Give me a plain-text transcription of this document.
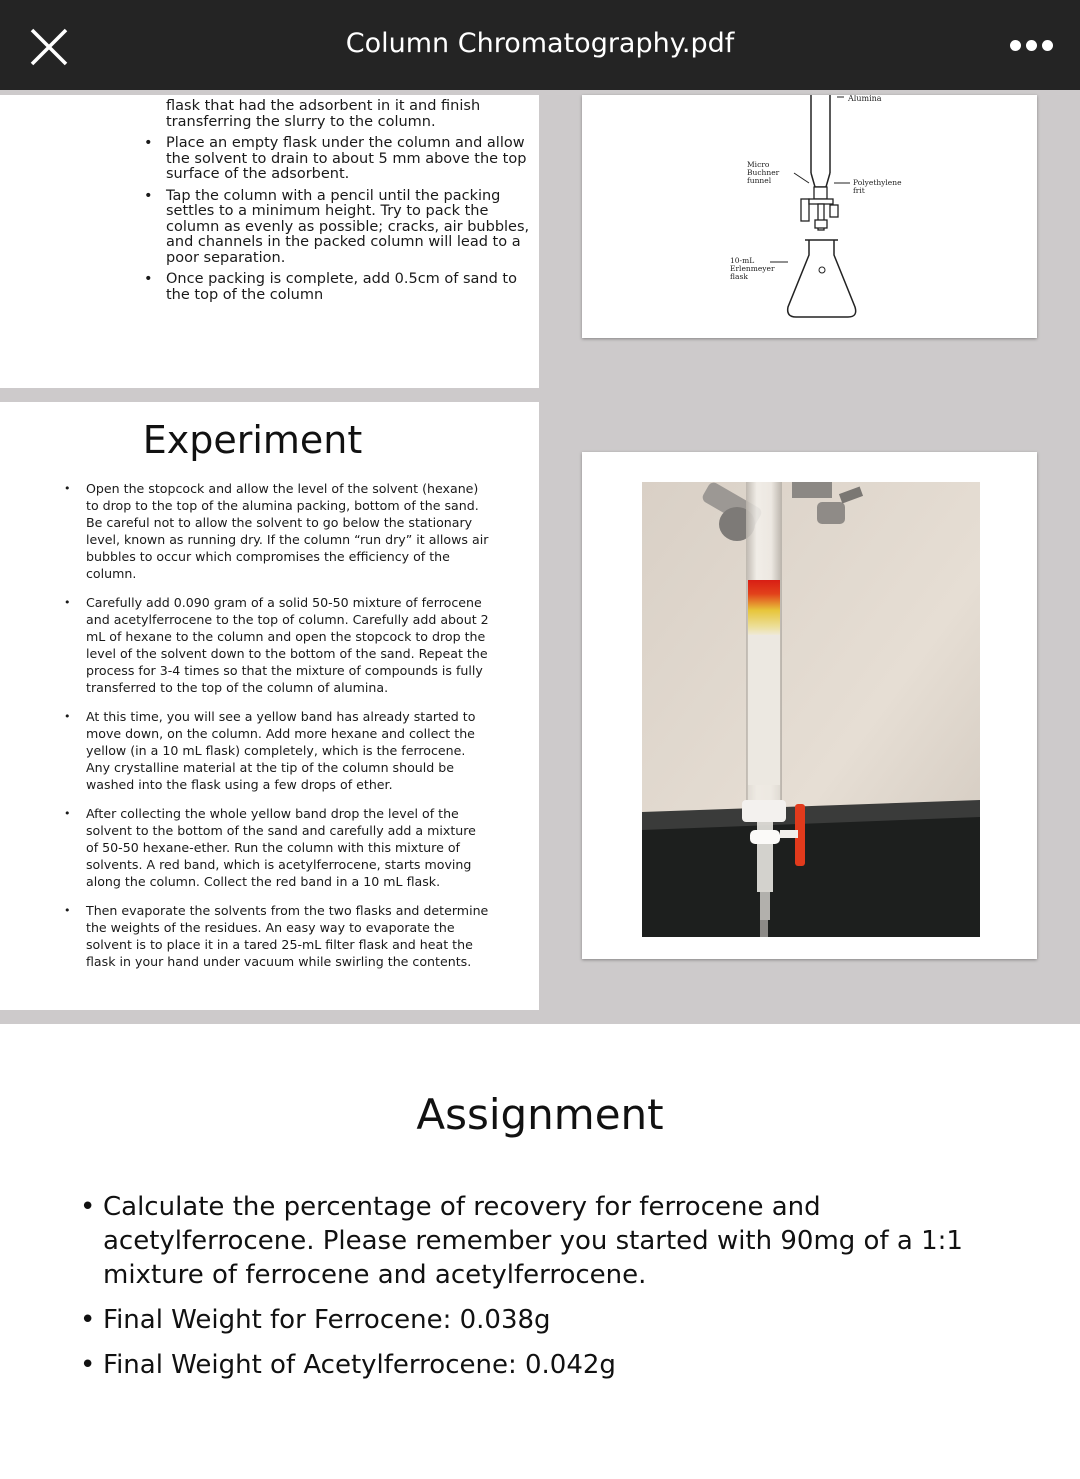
Column Chromatography.pdf
flask that had the adsorbent in it and finish transferring the slurry to the column.
• Place an empty flask under the column and allow the solvent to drain to about 5 mm above the top surface of the adsorbent.
• Tap the column with a pencil until the packing settles to a minimum height. Try to pack the column as evenly as possible; cracks, air bubbles, and channels in the packed column will lead to a poor separation.
• Once packing is complete, add 0.5cm of sand to the top of the column
Alumina
Micro Buchner funnel	Polyethylene frit
10-mL Erlenmeyer flask
Experiment
• Open the stopcock and allow the level of the solvent (hexane) to drop to the top of the alumina packing, bottom of the sand. Be careful not to allow the solvent to go below the stationary level, known as running dry. If the column “run dry” it allows air bubbles to occur which compromises the efficiency of the column.
• Carefully add 0.090 gram of a solid 50-50 mixture of ferrocene and acetylferrocene to the top of column. Carefully add about 2 mL of hexane to the column and open the stopcock to drop the level of the solvent down to the bottom of the sand. Repeat the process for 3-4 times so that the mixture of compounds is fully transferred to the top of the column of alumina.
• At this time, you will see a yellow band has already started to move down, on the column. Add more hexane and collect the yellow (in a 10 mL flask) completely, which is the ferrocene. Any crystalline material at the tip of the column should be washed into the flask using a few drops of ether.
• After collecting the whole yellow band drop the level of the solvent to the bottom of the sand and carefully add a mixture of 50-50 hexane-ether. Run the column with this mixture of solvents. A red band, which is acetylferrocene, starts moving along the column. Collect the red band in a 10 mL flask.
• Then evaporate the solvents from the two flasks and determine the weights of the residues. An easy way to evaporate the solvent is to place it in a tared 25-mL filter flask and heat the flask in your hand under vacuum while swirling the contents.
Assignment
• Calculate the percentage of recovery for ferrocene and acetylferrocene. Please remember you started with 90mg of a 1:1 mixture of ferrocene and acetylferrocene.
• Final Weight for Ferrocene: 0.038g
• Final Weight of Acetylferrocene: 0.042g
